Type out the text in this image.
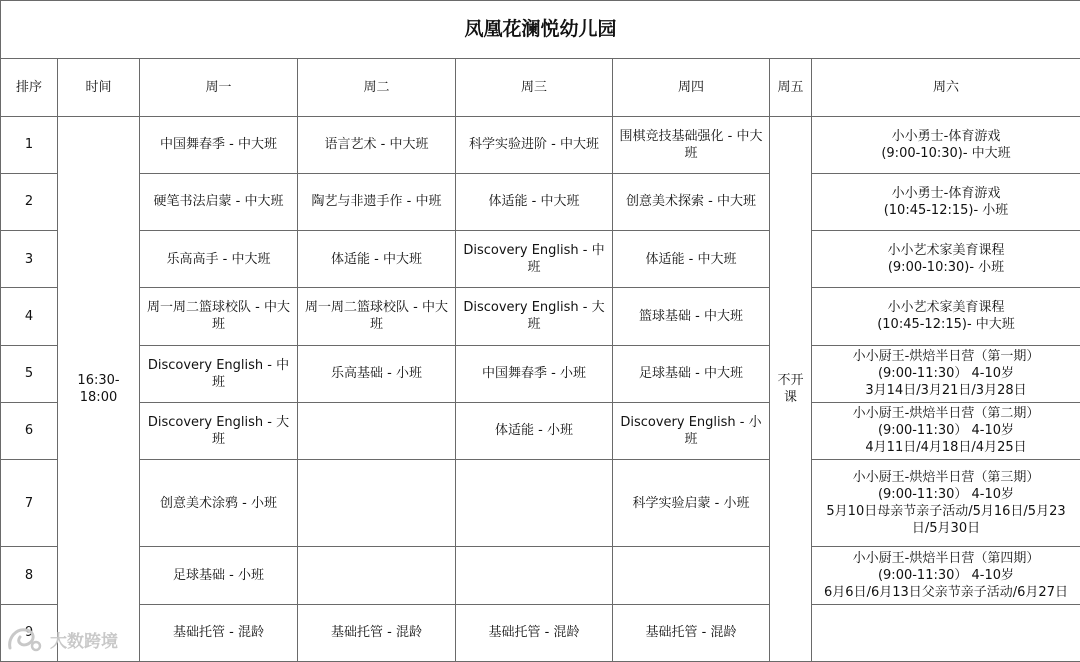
凤凰花澜悦幼儿园							
排序	时间	周一	周二	周三	周四	周五	周六
1	16:30-18:00	中国舞春季 - 中大班	语言艺术 - 中大班	科学实验进阶 - 中大班	围棋竞技基础强化 - 中大班	不开课	小小勇士-体育游戏
(9:00-10:30)- 中大班
2		硬笔书法启蒙 - 中大班	陶艺与非遗手作 - 中班	体适能 - 中大班	创意美术探索 - 中大班		小小勇士-体育游戏
(10:45-12:15)- 小班
3		乐高高手 - 中大班	体适能 - 中大班	Discovery English - 中班	体适能 - 中大班		小小艺术家美育课程
(9:00-10:30)- 小班
4		周一周二篮球校队 - 中大班	周一周二篮球校队 - 中大班	Discovery English - 大班	篮球基础 - 中大班		小小艺术家美育课程
(10:45-12:15)- 中大班
5		Discovery English - 中班	乐高基础 - 小班	中国舞春季 - 小班	足球基础 - 中大班		小小厨王-烘焙半日营（第一期）
(9:00-11:30） 4-10岁
3月14日/3月21日/3月28日
6		Discovery English - 大班		体适能 - 小班	Discovery English - 小班		小小厨王-烘焙半日营（第二期）
(9:00-11:30） 4-10岁
4月11日/4月18日/4月25日
7		创意美术涂鸦 - 小班			科学实验启蒙 - 小班		小小厨王-烘焙半日营（第三期）
(9:00-11:30） 4-10岁
5月10日母亲节亲子活动/5月16日/5月23日/5月30日
8		足球基础 - 小班					小小厨王-烘焙半日营（第四期）
(9:00-11:30） 4-10岁
6月6日/6月13日父亲节亲子活动/6月27日
9		基础托管 - 混龄	基础托管 - 混龄	基础托管 - 混龄	基础托管 - 混龄		
大数跨境
